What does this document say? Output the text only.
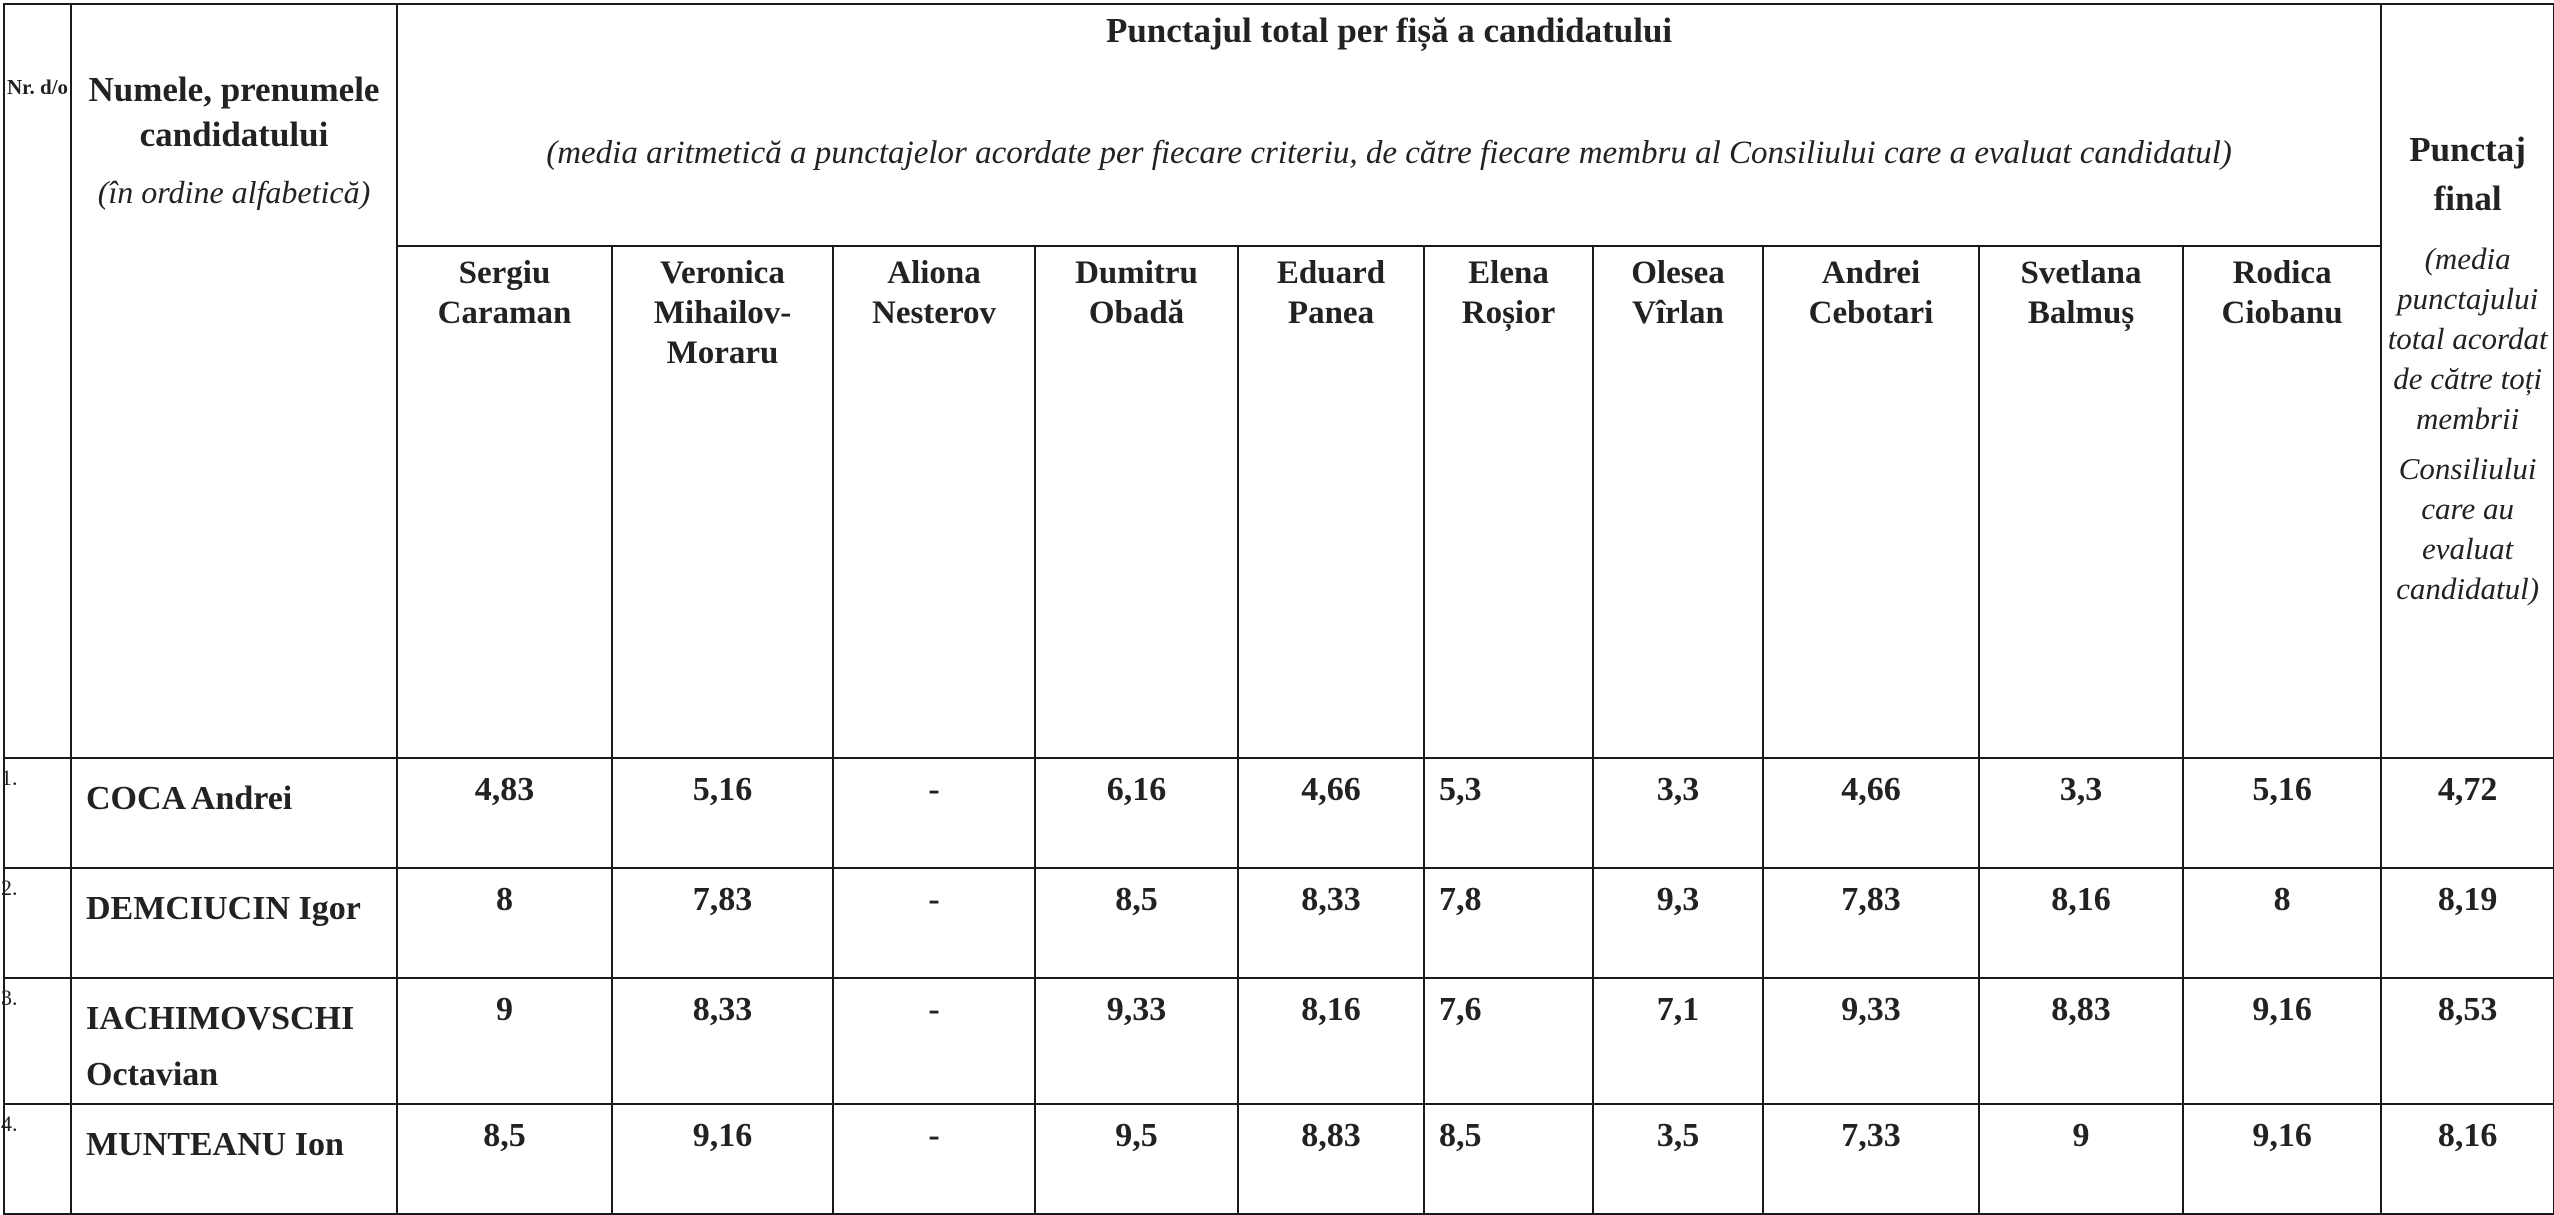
Nr. d/o	Numele, prenumele candidatului
(în ordine alfabetică)	Punctajul total per fișă a candidatului
(media aritmetică a punctajelor acordate per fiecare criteriu, de către fiecare membru al Consiliului care a evaluat candidatul)										Punctaj final
(media punctajului total acordat de către toți membrii
Consiliului care au evaluat candidatul)

		Sergiu Caraman	Veronica Mihailov-Moraru	Aliona Nesterov	Dumitru Obadă	Eduard Panea	Elena Roșior	Olesea Vîrlan	Andrei Cebotari	Svetlana Balmuș	Rodica Ciobanu	

1.	COCA Andrei	4,83	5,16	-	6,16	4,66	5,3	3,3	4,66	3,3	5,16	4,72

2.	DEMCIUCIN Igor	8	7,83	-	8,5	8,33	7,8	9,3	7,83	8,16	8	8,19

3.	IACHIMOVSCHI Octavian	9	8,33	-	9,33	8,16	7,6	7,1	9,33	8,83	9,16	8,53

4.	MUNTEANU Ion	8,5	9,16	-	9,5	8,83	8,5	3,5	7,33	9	9,16	8,16
